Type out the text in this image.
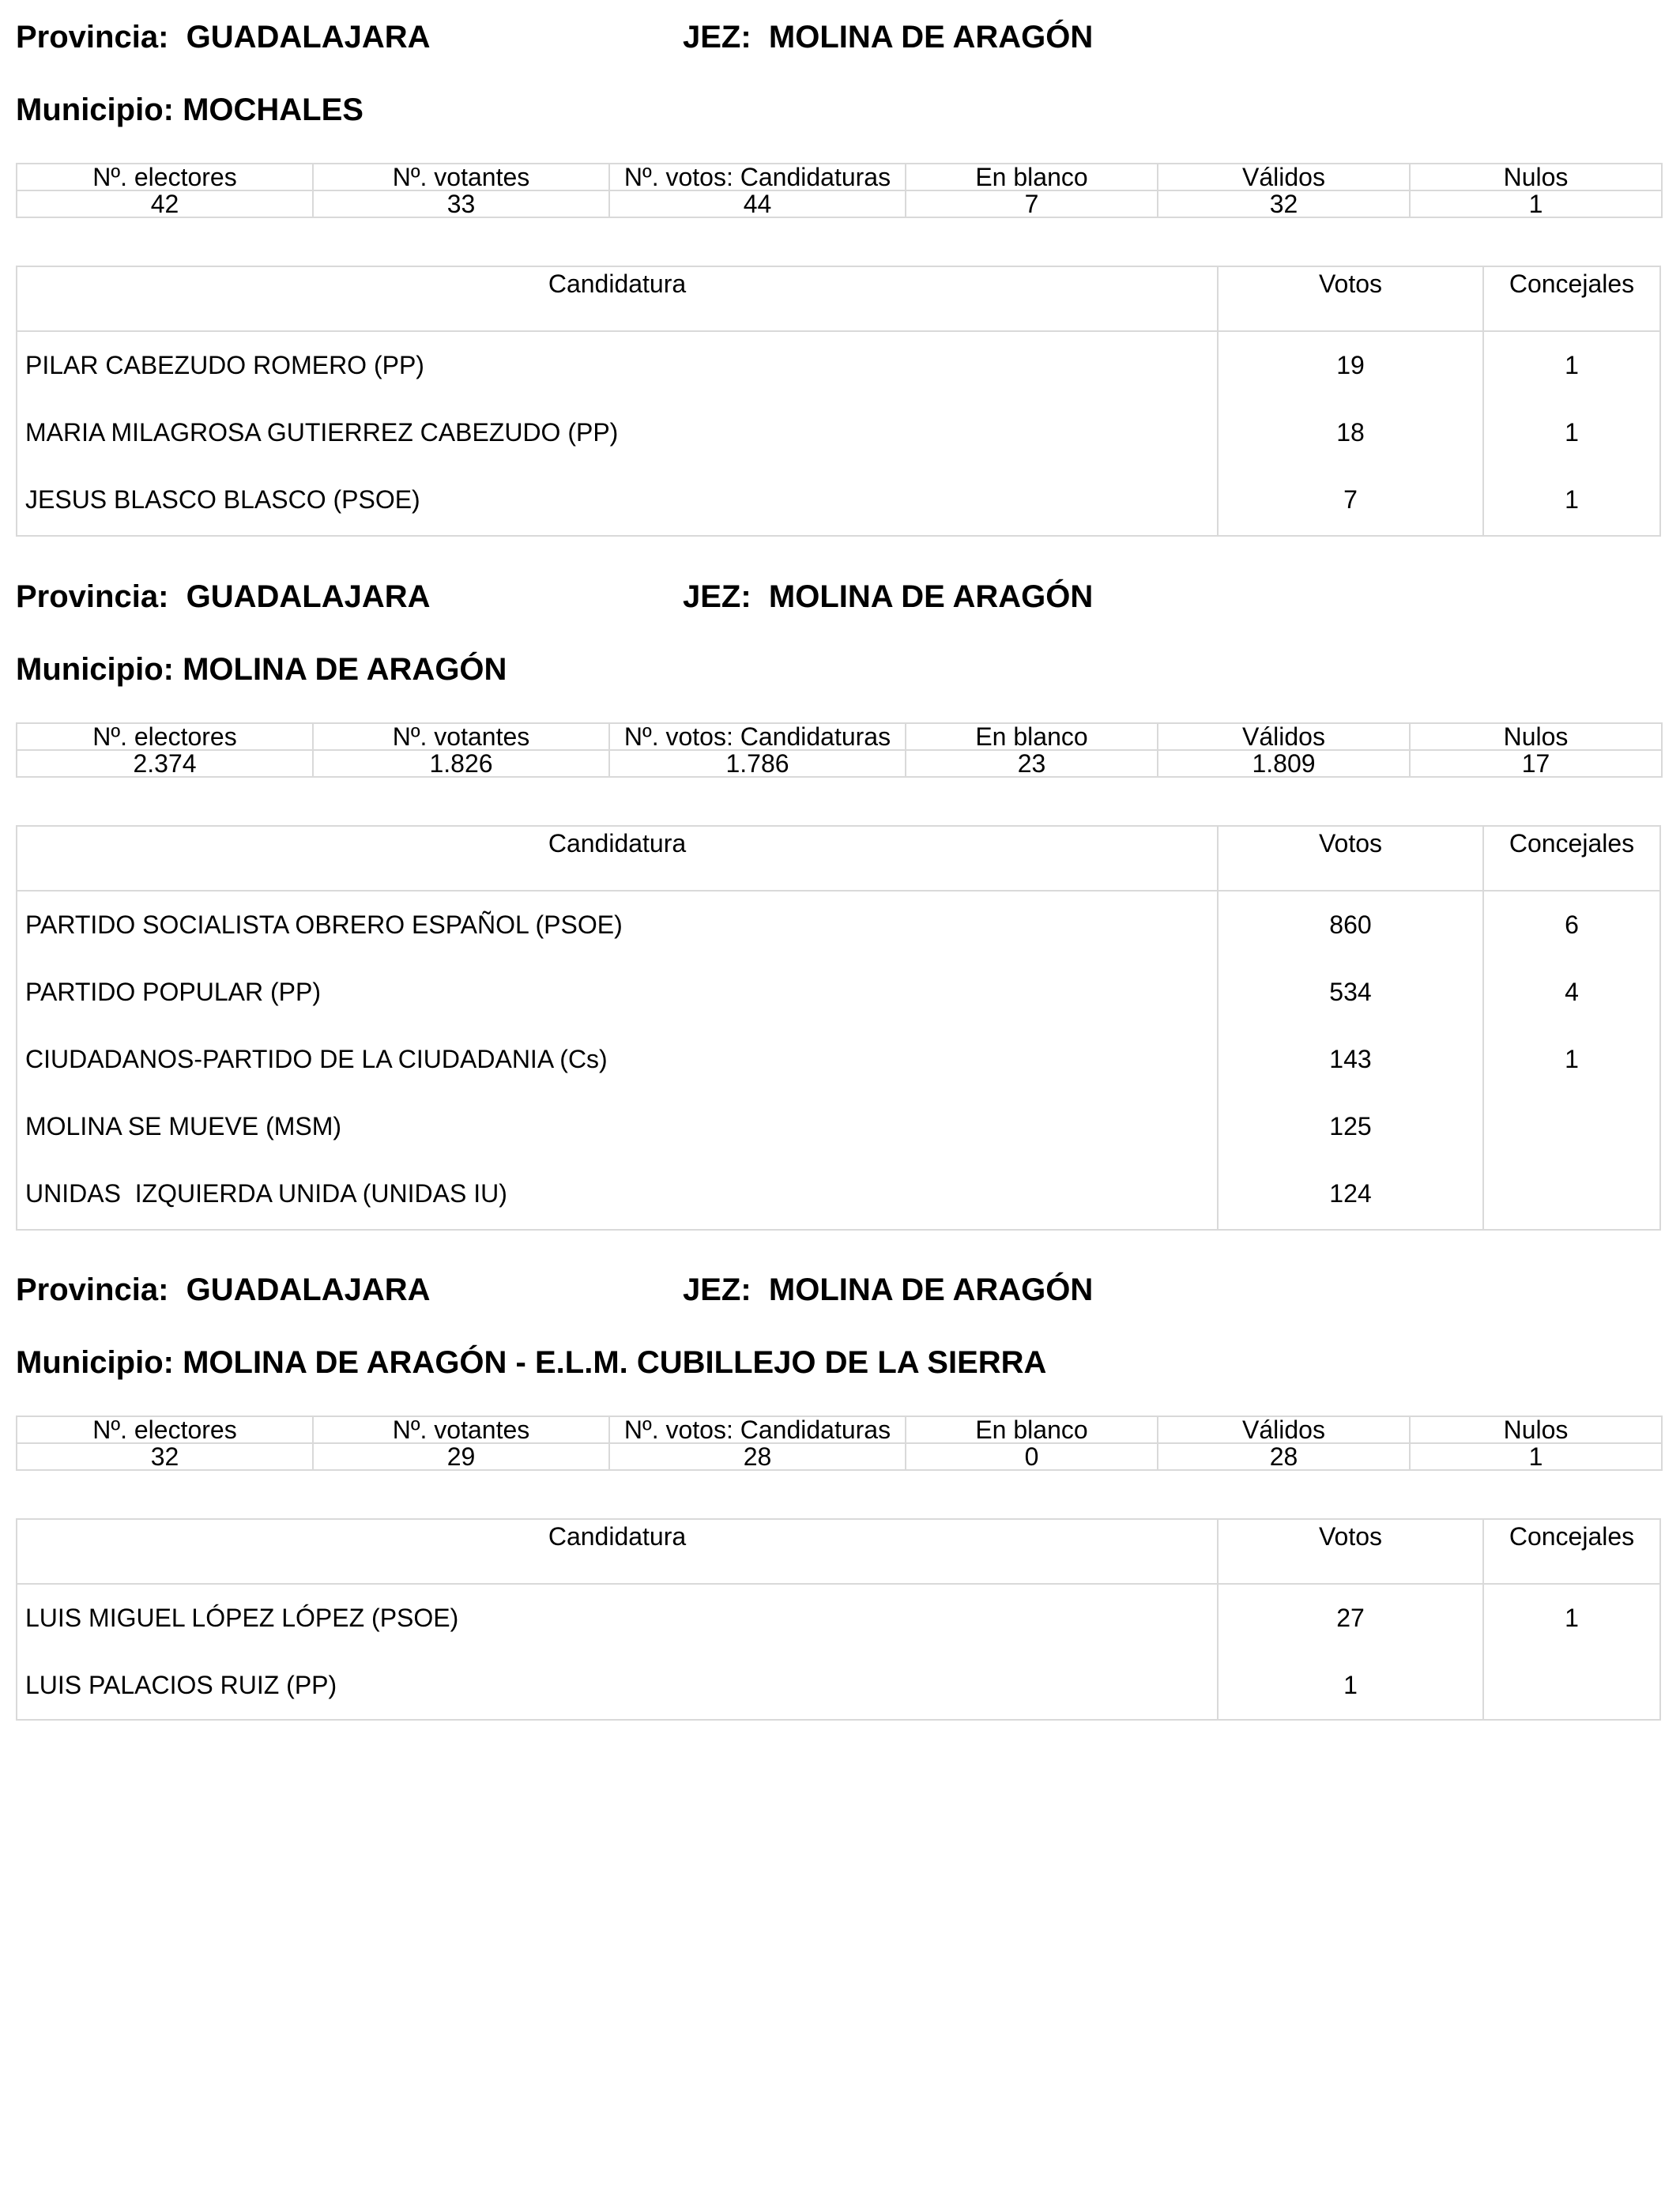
Provincia:  GUADALAJARA	JEZ:  MOLINA DE ARAGÓN
Municipio: MOCHALES
Nº. electores	Nº. votantes	Nº. votos: Candidaturas	En blanco	Válidos	Nulos
42	33	44	7	32	1
Candidatura	Votos	Concejales
PILAR CABEZUDO ROMERO (PP)	19	1
MARIA MILAGROSA GUTIERREZ CABEZUDO (PP)	18	1
JESUS BLASCO BLASCO (PSOE)	7	1
Provincia:  GUADALAJARA	JEZ:  MOLINA DE ARAGÓN
Municipio: MOLINA DE ARAGÓN
Nº. electores	Nº. votantes	Nº. votos: Candidaturas	En blanco	Válidos	Nulos
2.374	1.826	1.786	23	1.809	17
Candidatura	Votos	Concejales
PARTIDO SOCIALISTA OBRERO ESPAÑOL (PSOE)	860	6
PARTIDO POPULAR (PP)	534	4
CIUDADANOS-PARTIDO DE LA CIUDADANIA (Cs)	143	1
MOLINA SE MUEVE (MSM)	125
UNIDAS  IZQUIERDA UNIDA (UNIDAS IU)	124
Provincia:  GUADALAJARA	JEZ:  MOLINA DE ARAGÓN
Municipio: MOLINA DE ARAGÓN - E.L.M. CUBILLEJO DE LA SIERRA
Nº. electores	Nº. votantes	Nº. votos: Candidaturas	En blanco	Válidos	Nulos
32	29	28	0	28	1
Candidatura	Votos	Concejales
LUIS MIGUEL LÓPEZ LÓPEZ (PSOE)	27	1
LUIS PALACIOS RUIZ (PP)	1
